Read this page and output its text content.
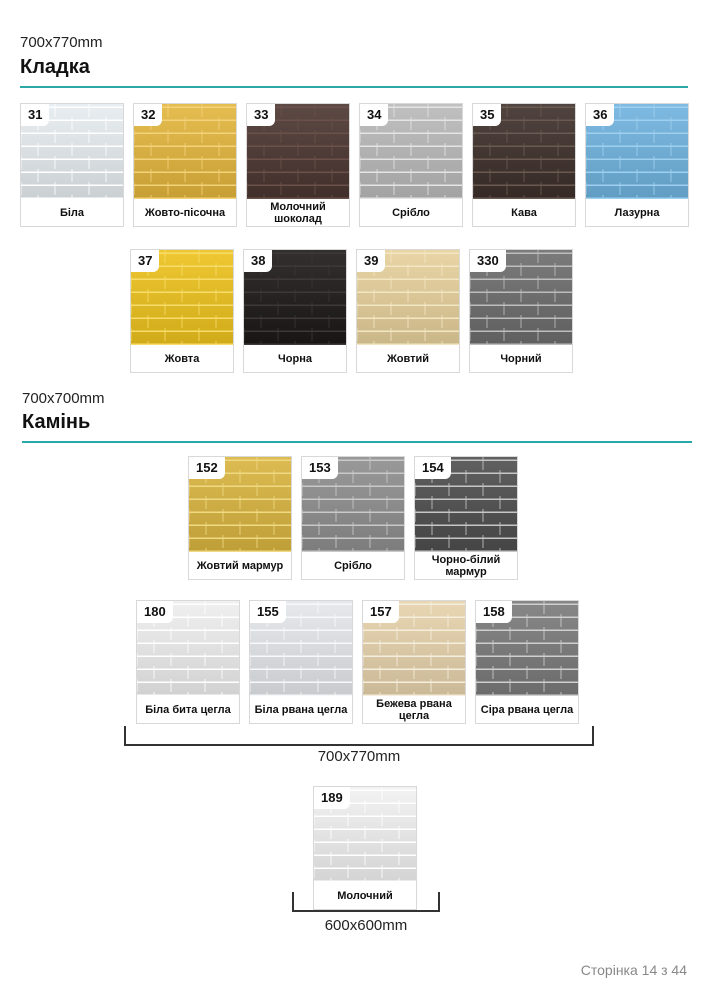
700x770mm
Кладка
31
Біла
32
Жовто-пісочна
33
Молочний шоколад
34
Срібло
35
Кава
36
Лазурна
37
Жовта
38
Чорна
39
Жовтий
330
Чорний
700x700mm
Камінь
152
Жовтий мармур
153
Срібло
154
Чорно-білий мармур
180
Біла бита цегла
155
Біла рвана цегла
157
Бежева рвана цегла
158
Сіра рвана цегла
700x770mm
189
Молочний
600x600mm
Сторінка 14 з 44
